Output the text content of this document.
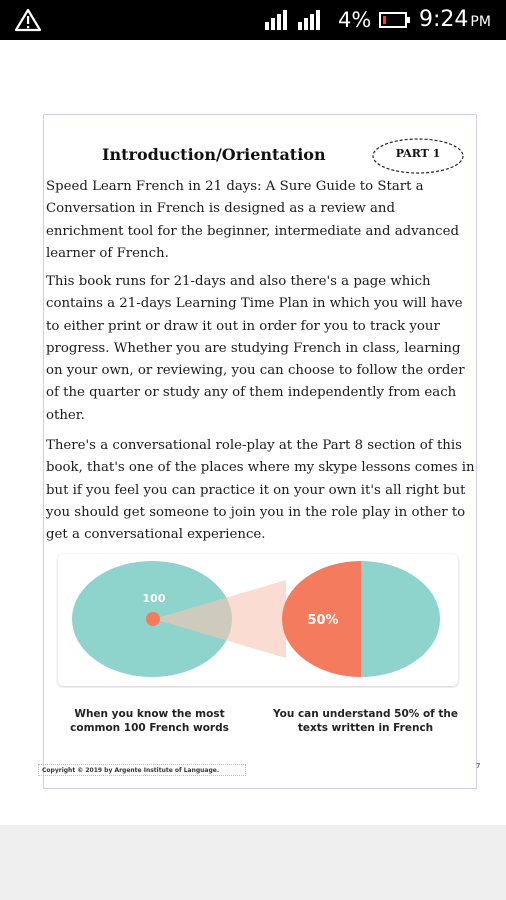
4% 9:24 PM
Introduction/Orientation	PART 1

Speed Learn French in 21 days: A Sure Guide to Start a Conversation in French is designed as a review and enrichment tool for the beginner, intermediate and advanced learner of French.

This book runs for 21-days and also there's a page which contains a 21-days Learning Time Plan in which you will have to either print or draw it out in order for you to track your progress. Whether you are studying French in class, learning on your own, or reviewing, you can choose to follow the order of the quarter or study any of them independently from each other.

There's a conversational role-play at the Part 8 section of this book, that's one of the places where my skype lessons comes in but if you feel you can practice it on your own it's all right but you should get someone to join you in the role play in other to get a conversational experience.

100
50%
When you know the most common 100 French words
You can understand 50% of the texts written in French
Copyright © 2019 by Argente Institute of Language.
7
